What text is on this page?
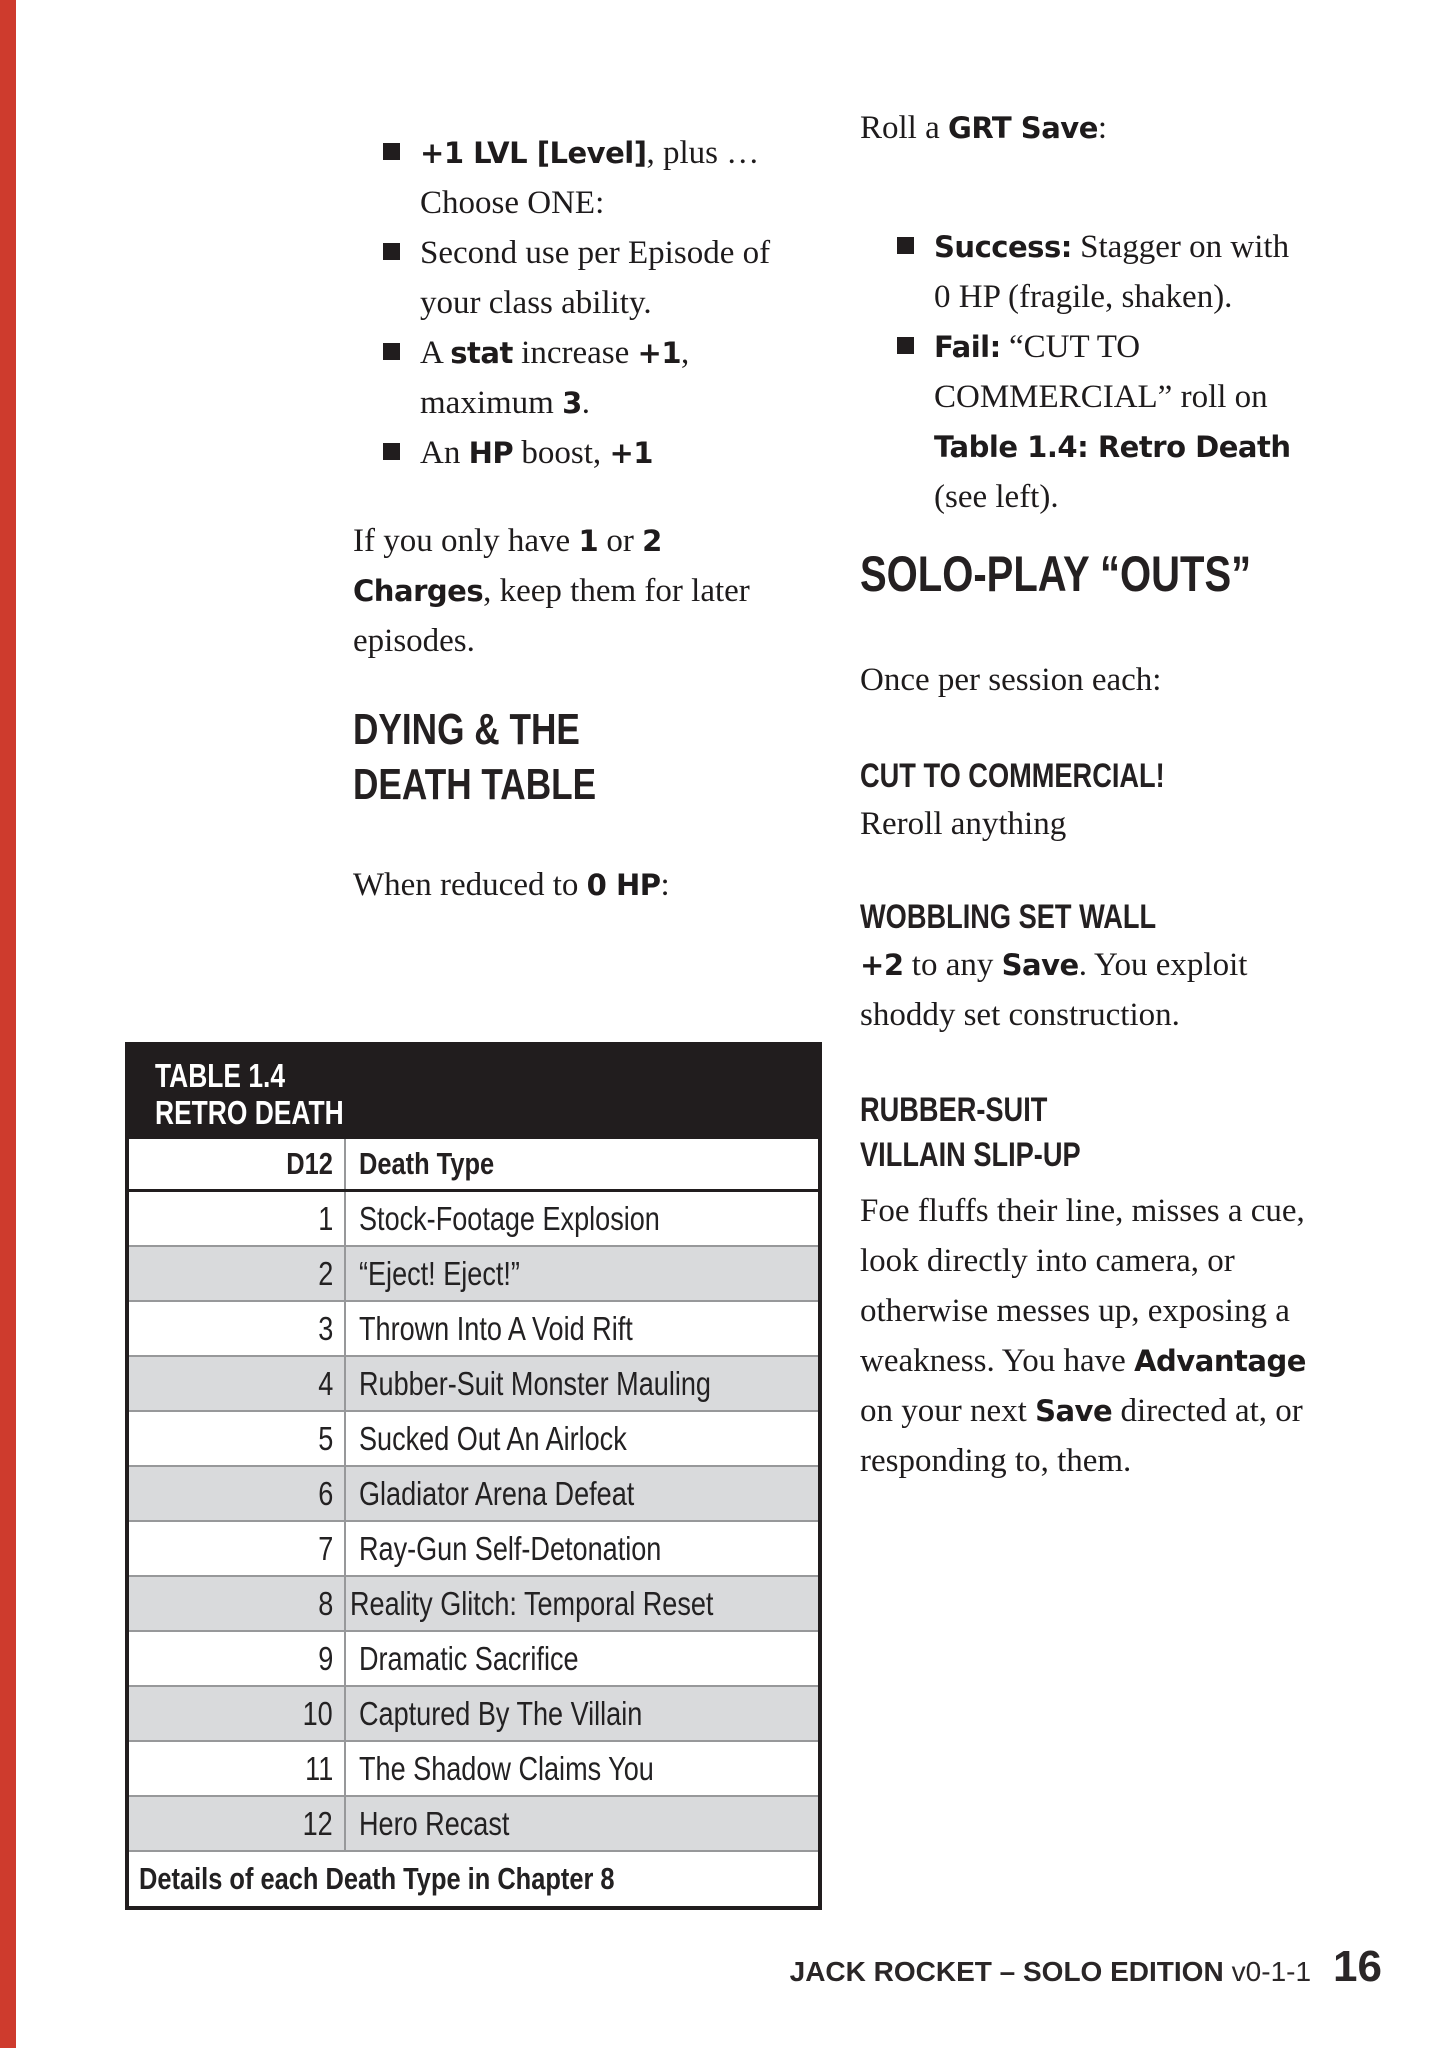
+1 LVL [Level], plus …
Choose ONE:
Second use per Episode of
your class ability.
A stat increase +1,
maximum 3.
An HP boost, +1
If you only have 1 or 2
Charges, keep them for later
episodes.
DYING & THE
DEATH TABLE
When reduced to 0 HP:
TABLE 1.4
RETRO DEATH
D12 Death Type
1 Stock-Footage Explosion
2 “Eject! Eject!”
3 Thrown Into A Void Rift
4 Rubber-Suit Monster Mauling
5 Sucked Out An Airlock
6 Gladiator Arena Defeat
7 Ray-Gun Self-Detonation
8 Reality Glitch: Temporal Reset
9 Dramatic Sacrifice
10 Captured By The Villain
11 The Shadow Claims You
12 Hero Recast
Details of each Death Type in Chapter 8
Roll a GRT Save:
Success: Stagger on with
0 HP (fragile, shaken).
Fail: “CUT TO
COMMERCIAL” roll on
Table 1.4: Retro Death
(see left).
SOLO-PLAY “OUTS”
Once per session each:
CUT TO COMMERCIAL!
Reroll anything
WOBBLING SET WALL
+2 to any Save. You exploit
shoddy set construction.
RUBBER-SUIT
VILLAIN SLIP-UP
Foe fluffs their line, misses a cue,
look directly into camera, or
otherwise messes up, exposing a
weakness. You have Advantage
on your next Save directed at, or
responding to, them.
JACK ROCKET – SOLO EDITION v0-1-1 16
